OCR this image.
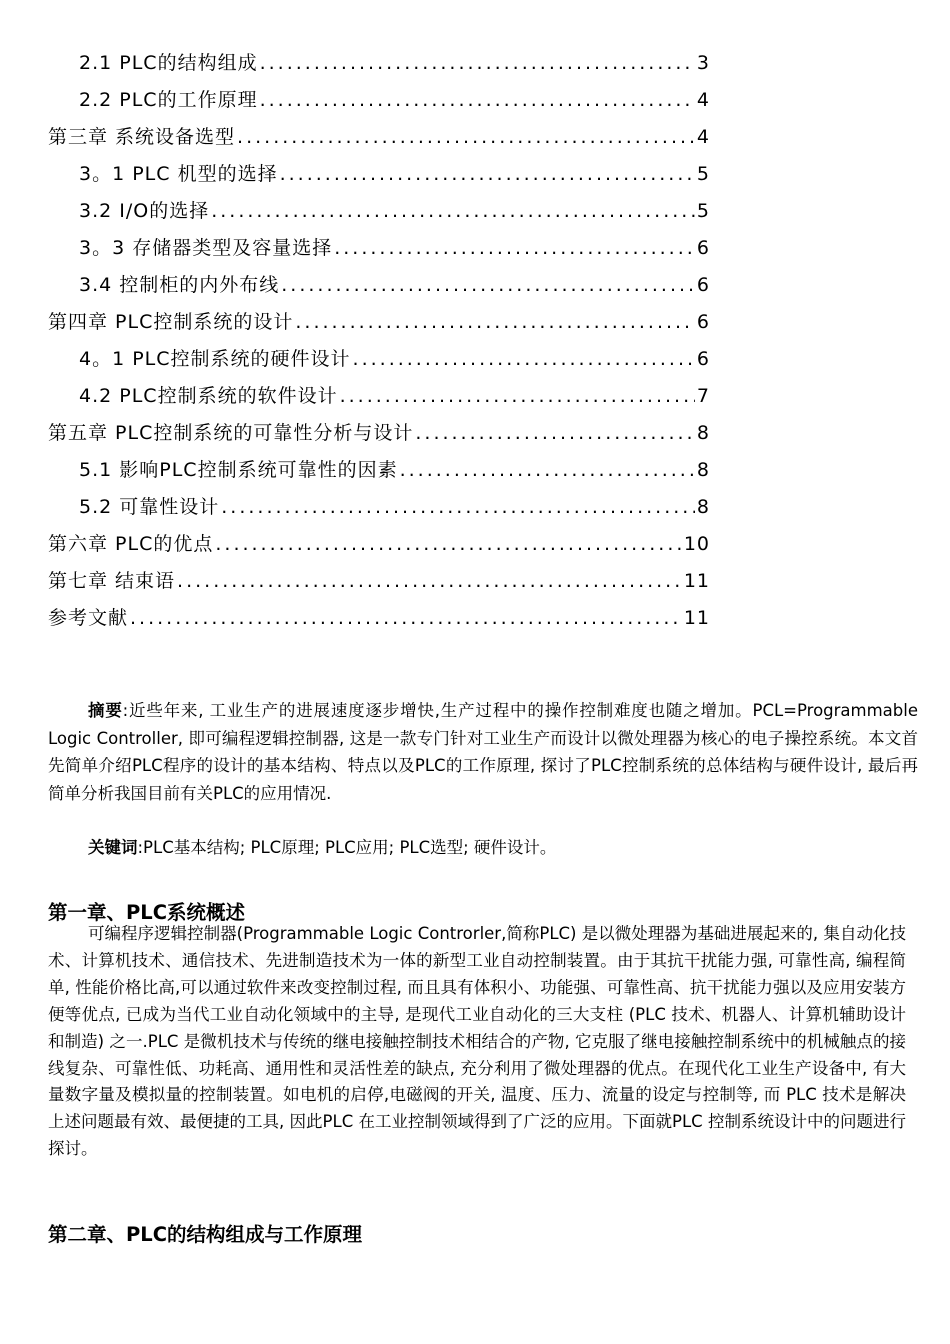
2.1 PLC的结构组成 .....	3
2.2 PLC的工作原理 .....	4
第三章 系统设备选型 .....	4
3。1 PLC 机型的选择 .....	5
3.2 I/O的选择 .....	5
3。3 存储器类型及容量选择 .....	6
3.4 控制柜的内外布线 .....	6
第四章 PLC控制系统的设计 .....	6
4。1 PLC控制系统的硬件设计 .....	6
4.2 PLC控制系统的软件设计 .....	7
第五章 PLC控制系统的可靠性分析与设计 .....	8
5.1 影响PLC控制系统可靠性的因素 .....	8
5.2 可靠性设计 .....	8
第六章 PLC的优点 .....	10
第七章 结束语 .....	11
参考文献 .....	11

摘要:近些年来, 工业生产的进展速度逐步增快,生产过程中的操作控制难度也随之增加。PCL=Programmable Logic Controller, 即可编程逻辑控制器, 这是一款专门针对工业生产而设计以微处理器为核心的电子操控系统。本文首先简单介绍PLC程序的设计的基本结构、特点以及PLC的工作原理, 探讨了PLC控制系统的总体结构与硬件设计, 最后再简单分析我国目前有关PLC的应用情况.

关键词:PLC基本结构; PLC原理; PLC应用; PLC选型; 硬件设计。

第一章、PLC系统概述

可编程序逻辑控制器(Programmable Logic Controrler,简称PLC) 是以微处理器为基础进展起来的, 集自动化技术、计算机技术、通信技术、先进制造技术为一体的新型工业自动控制装置。由于其抗干扰能力强, 可靠性高, 编程简单, 性能价格比高,可以通过软件来改变控制过程, 而且具有体积小、功能强、可靠性高、抗干扰能力强以及应用安装方便等优点, 已成为当代工业自动化领域中的主导, 是现代工业自动化的三大支柱 (PLC 技术、机器人、计算机辅助设计和制造) 之一.PLC 是微机技术与传统的继电接触控制技术相结合的产物, 它克服了继电接触控制系统中的机械触点的接线复杂、可靠性低、功耗高、通用性和灵活性差的缺点, 充分利用了微处理器的优点。在现代化工业生产设备中, 有大量数字量及模拟量的控制装置。如电机的启停,电磁阀的开关, 温度、压力、流量的设定与控制等, 而 PLC 技术是解决上述问题最有效、最便捷的工具, 因此PLC 在工业控制领域得到了广泛的应用。下面就PLC 控制系统设计中的问题进行探讨。

第二章、PLC的结构组成与工作原理
